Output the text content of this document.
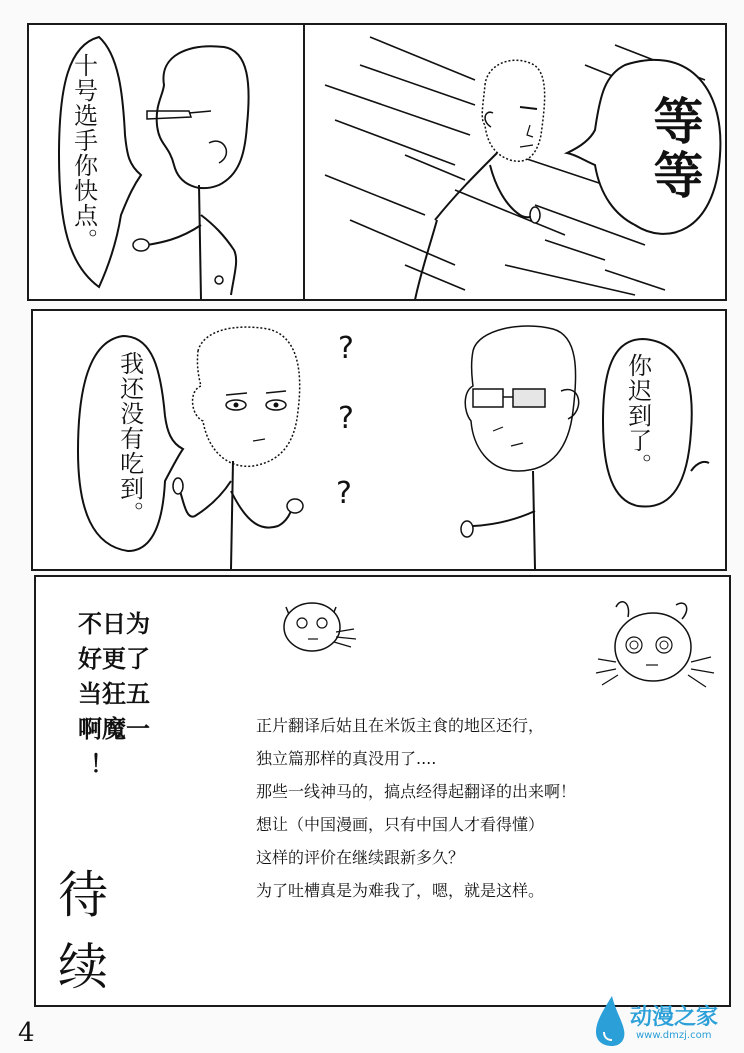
十号选手你快点。	等等
我还没有吃到。	你迟到了。
?
?
?
不日为
好更了
当狂五
啊魔一
！
待
续
正片翻译后姑且在米饭主食的地区还行，
独立篇那样的真没用了....
那些一线神马的，搞点经得起翻译的出来啊！
想让（中国漫画，只有中国人才看得懂）
这样的评价在继续跟新多久？
为了吐槽真是为难我了，嗯，就是这样。
4
动漫之家
www.dmzj.com
